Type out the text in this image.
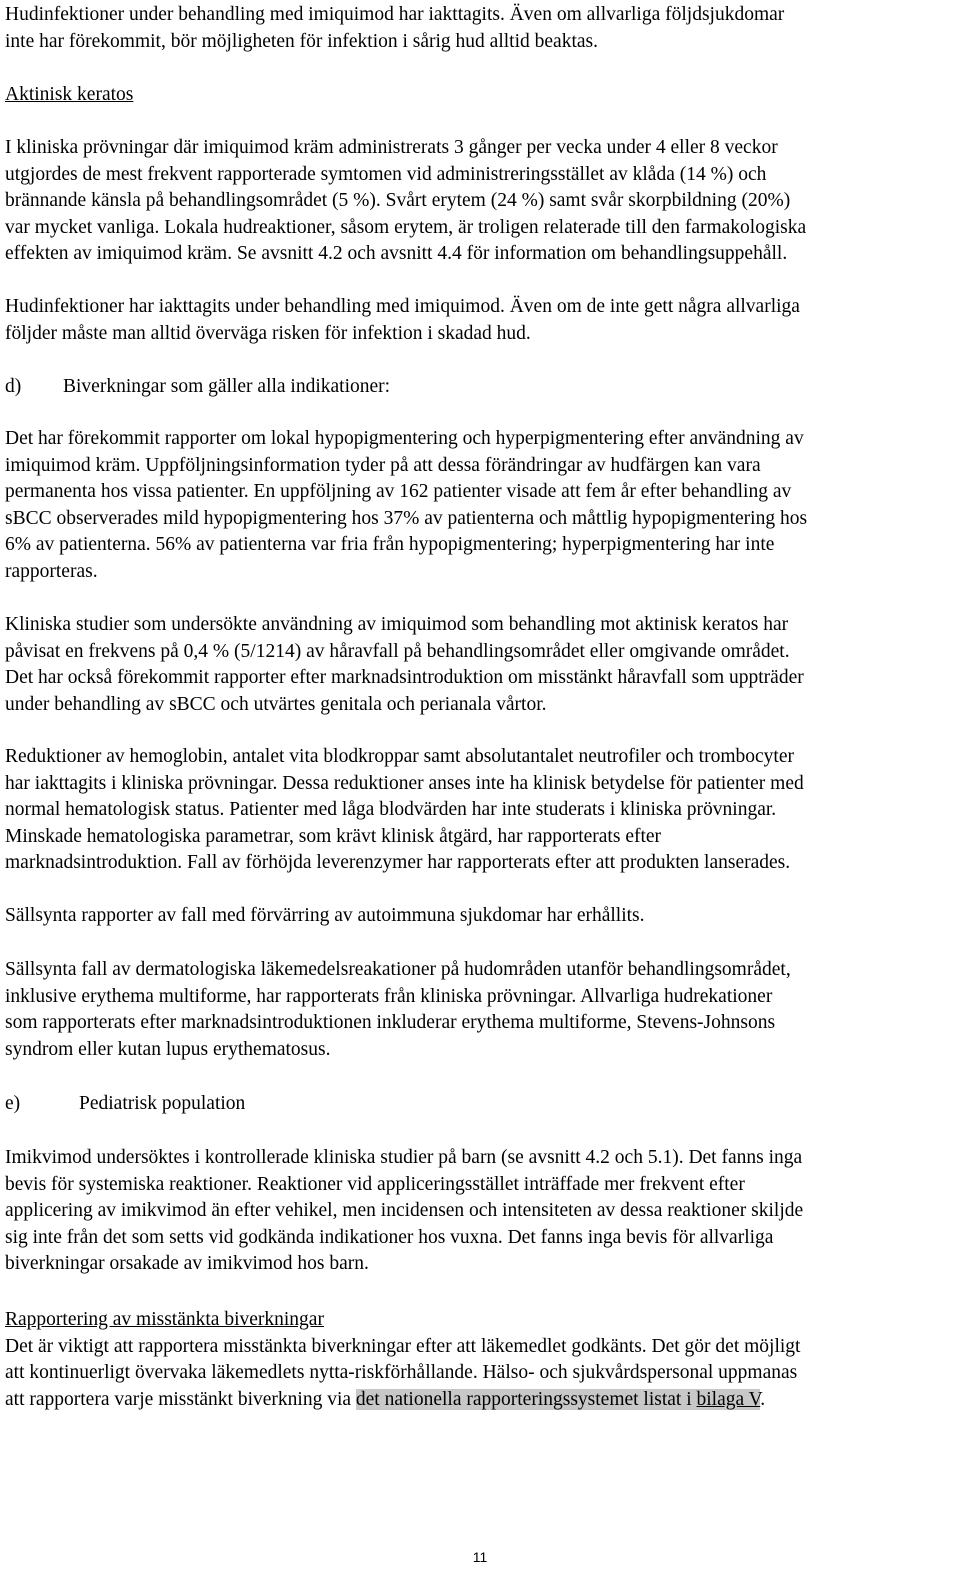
Hudinfektioner under behandling med imiquimod har iakttagits. Även om allvarliga följdsjukdomar
inte har förekommit, bör möjligheten för infektion i sårig hud alltid beaktas.
Aktinisk keratos
I kliniska prövningar där imiquimod kräm administrerats 3 gånger per vecka under 4 eller 8 veckor
utgjordes de mest frekvent rapporterade symtomen vid administreringsstället av klåda (14 %) och
brännande känsla på behandlingsområdet (5 %). Svårt erytem (24 %) samt svår skorpbildning (20%)
var mycket vanliga. Lokala hudreaktioner, såsom erytem, är troligen relaterade till den farmakologiska
effekten av imiquimod kräm. Se avsnitt 4.2 och avsnitt 4.4 för information om behandlingsuppehåll.
Hudinfektioner har iakttagits under behandling med imiquimod. Även om de inte gett några allvarliga
följder måste man alltid överväga risken för infektion i skadad hud.
d) Biverkningar som gäller alla indikationer:
Det har förekommit rapporter om lokal hypopigmentering och hyperpigmentering efter användning av
imiquimod kräm. Uppföljningsinformation tyder på att dessa förändringar av hudfärgen kan vara
permanenta hos vissa patienter. En uppföljning av 162 patienter visade att fem år efter behandling av
sBCC observerades mild hypopigmentering hos 37% av patienterna och måttlig hypopigmentering hos
6% av patienterna. 56% av patienterna var fria från hypopigmentering; hyperpigmentering har inte
rapporteras.
Kliniska studier som undersökte användning av imiquimod som behandling mot aktinisk keratos har
påvisat en frekvens på 0,4 % (5/1214) av håravfall på behandlingsområdet eller omgivande området.
Det har också förekommit rapporter efter marknadsintroduktion om misstänkt håravfall som uppträder
under behandling av sBCC och utvärtes genitala och perianala vårtor.
Reduktioner av hemoglobin, antalet vita blodkroppar samt absolutantalet neutrofiler och trombocyter
har iakttagits i kliniska prövningar. Dessa reduktioner anses inte ha klinisk betydelse för patienter med
normal hematologisk status. Patienter med låga blodvärden har inte studerats i kliniska prövningar.
Minskade hematologiska parametrar, som krävt klinisk åtgärd, har rapporterats efter
marknadsintroduktion. Fall av förhöjda leverenzymer har rapporterats efter att produkten lanserades.
Sällsynta rapporter av fall med förvärring av autoimmuna sjukdomar har erhållits.
Sällsynta fall av dermatologiska läkemedelsreakationer på hudområden utanför behandlingsområdet,
inklusive erythema multiforme, har rapporterats från kliniska prövningar. Allvarliga hudrekationer
som rapporterats efter marknadsintroduktionen inkluderar erythema multiforme, Stevens-Johnsons
syndrom eller kutan lupus erythematosus.
e)	Pediatrisk population
Imikvimod undersöktes i kontrollerade kliniska studier på barn (se avsnitt 4.2 och 5.1). Det fanns inga
bevis för systemiska reaktioner. Reaktioner vid appliceringsstället inträffade mer frekvent efter
applicering av imikvimod än efter vehikel, men incidensen och intensiteten av dessa reaktioner skiljde
sig inte från det som setts vid godkända indikationer hos vuxna. Det fanns inga bevis för allvarliga
biverkningar orsakade av imikvimod hos barn.
Rapportering av misstänkta biverkningar
Det är viktigt att rapportera misstänkta biverkningar efter att läkemedlet godkänts. Det gör det möjligt
att kontinuerligt övervaka läkemedlets nytta-riskförhållande. Hälso- och sjukvårdspersonal uppmanas
att rapportera varje misstänkt biverkning via det nationella rapporteringssystemet listat i bilaga V.
11
